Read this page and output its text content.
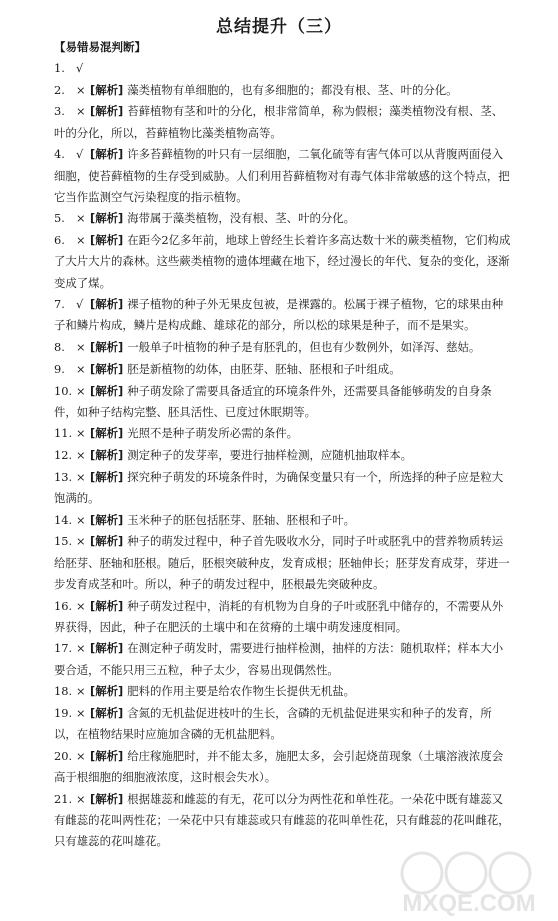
总结提升（三）
【易错易混判断】
1. √

2. × [解析] 藻类植物有单细胞的，也有多细胞的；都没有根、茎、叶的分化。
3. × [解析] 苔藓植物有茎和叶的分化，根非常简单，称为假根；藻类植物没有根、茎、叶的分化，所以，苔藓植物比藻类植物高等。
4. √ [解析] 许多苔藓植物的叶只有一层细胞，二氧化硫等有害气体可以从背腹两面侵入细胞，使苔藓植物的生存受到威胁。人们利用苔藓植物对有毒气体非常敏感的这个特点，把它当作监测空气污染程度的指示植物。
5. × [解析] 海带属于藻类植物，没有根、茎、叶的分化。
6. × [解析] 在距今2亿多年前，地球上曾经生长着许多高达数十米的蕨类植物，它们构成了大片大片的森林。这些蕨类植物的遗体埋藏在地下，经过漫长的年代、复杂的变化，逐渐变成了煤。
7. √ [解析] 裸子植物的种子外无果皮包被，是裸露的。松属于裸子植物，它的球果由种子和鳞片构成，鳞片是构成雌、雄球花的部分，所以松的球果是种子，而不是果实。
8. × [解析] 一般单子叶植物的种子是有胚乳的，但也有少数例外，如泽泻、慈姑。
9. × [解析] 胚是新植物的幼体，由胚芽、胚轴、胚根和子叶组成。
10. × [解析] 种子萌发除了需要具备适宜的环境条件外，还需要具备能够萌发的自身条件，如种子结构完整、胚具活性、已度过休眠期等。
11. × [解析] 光照不是种子萌发所必需的条件。
12. × [解析] 测定种子的发芽率，要进行抽样检测，应随机抽取样本。
13. × [解析] 探究种子萌发的环境条件时，为确保变量只有一个，所选择的种子应是粒大饱满的。
14. × [解析] 玉米种子的胚包括胚芽、胚轴、胚根和子叶。
15. × [解析] 种子的萌发过程中，种子首先吸收水分，同时子叶或胚乳中的营养物质转运给胚芽、胚轴和胚根。随后，胚根突破种皮，发育成根；胚轴伸长；胚芽发育成芽，芽进一步发育成茎和叶。所以，种子的萌发过程中，胚根最先突破种皮。
16. × [解析] 种子萌发过程中，消耗的有机物为自身的子叶或胚乳中储存的，不需要从外界获得，因此，种子在肥沃的土壤中和在贫瘠的土壤中萌发速度相同。
17. × [解析] 在测定种子萌发时，需要进行抽样检测，抽样的方法：随机取样；样本大小要合适，不能只用三五粒，种子太少，容易出现偶然性。
18. × [解析] 肥料的作用主要是给农作物生长提供无机盐。
19. × [解析] 含氮的无机盐促进枝叶的生长，含磷的无机盐促进果实和种子的发育，所以，在植物结果时应施加含磷的无机盐肥料。
20. × [解析] 给庄稼施肥时，并不能太多，施肥太多，会引起烧苗现象（土壤溶液浓度会高于根细胞的细胞液浓度，这时根会失水）。
21. × [解析] 根据雄蕊和雌蕊的有无，花可以分为两性花和单性花。一朵花中既有雄蕊又有雌蕊的花叫两性花；一朵花中只有雄蕊或只有雌蕊的花叫单性花，只有雌蕊的花叫雌花，只有雄蕊的花叫雄花。
MXQE.COM
